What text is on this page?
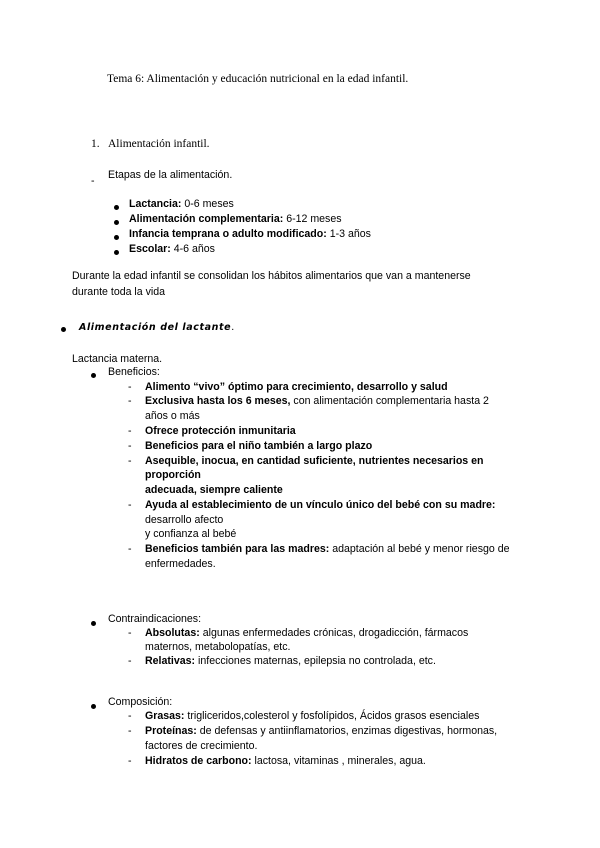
Tema 6: Alimentación y educación nutricional en la edad infantil.
1. Alimentación infantil.
- Etapas de la alimentación.
Lactancia: 0-6 meses
Alimentación complementaria: 6-12 meses
Infancia temprana o adulto modificado: 1-3 años
Escolar: 4-6 años
Durante la edad infantil se consolidan los hábitos alimentarios que van a mantenerse
durante toda la vida
Alimentación del lactante.
Lactancia materna.
Beneficios:
- Alimento “vivo” óptimo para crecimiento, desarrollo y salud
- Exclusiva hasta los 6 meses, con alimentación complementaria hasta 2
años o más
- Ofrece protección inmunitaria
- Beneficios para el niño también a largo plazo
- Asequible, inocua, en cantidad suficiente, nutrientes necesarios en
proporción
adecuada, siempre caliente
- Ayuda al establecimiento de un vínculo único del bebé con su madre:
desarrollo afecto
y confianza al bebé
- Beneficios también para las madres: adaptación al bebé y menor riesgo de
enfermedades.
Contraindicaciones:
- Absolutas: algunas enfermedades crónicas, drogadicción, fármacos
maternos, metabolopatías, etc.
- Relativas: infecciones maternas, epilepsia no controlada, etc.
Composición:
- Grasas: trigliceridos,colesterol y fosfolípidos, Ácidos grasos esenciales
- Proteínas: de defensas y antiinflamatorios, enzimas digestivas, hormonas,
factores de crecimiento.
- Hidratos de carbono: lactosa, vitaminas , minerales, agua.
